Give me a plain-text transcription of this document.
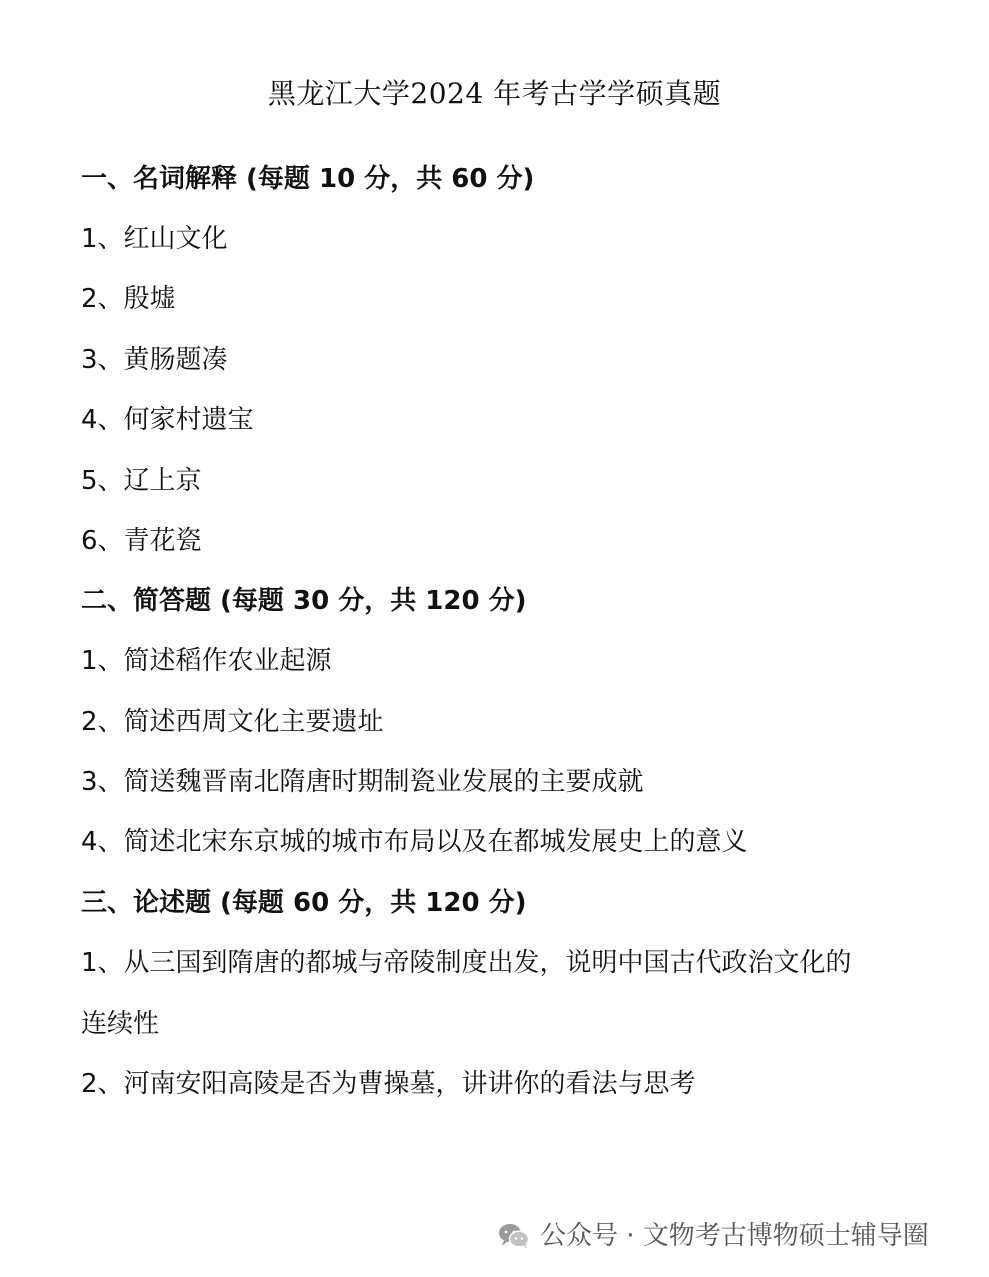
黑龙江大学2024 年考古学学硕真题
一、名词解释 (每题 10 分，共 60 分)
1、红山文化
2、殷墟
3、黄肠题凑
4、何家村遗宝
5、辽上京
6、青花瓷
二、简答题 (每题 30 分，共 120 分)
1、简述稻作农业起源
2、简述西周文化主要遗址
3、简送魏晋南北隋唐时期制瓷业发展的主要成就
4、简述北宋东京城的城市布局以及在都城发展史上的意义
三、论述题 (每题 60 分，共 120 分)
1、从三国到隋唐的都城与帝陵制度出发，说明中国古代政治文化的
连续性
2、河南安阳高陵是否为曹操墓，讲讲你的看法与思考
公众号 · 文物考古博物硕士辅导圈
